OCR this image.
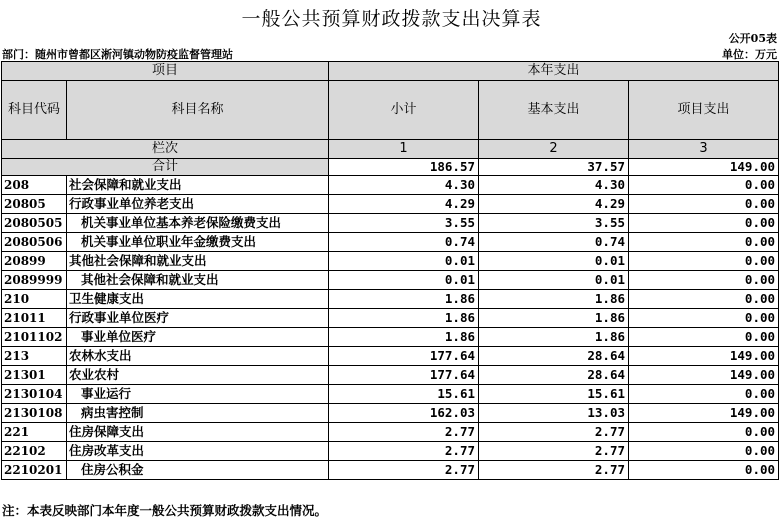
一般公共预算财政拨款支出决算表
公开05表
部门：随州市曾都区淅河镇动物防疫监督管理站	单位：万元
项目		本年支出		
科目代码	科目名称	小计	基本支出	项目支出
栏次		1	2	3
合计		186.57	37.57	149.00
208	社会保障和就业支出	4.30	4.30	0.00
20805	行政事业单位养老支出	4.29	4.29	0.00
2080505	机关事业单位基本养老保险缴费支出	3.55	3.55	0.00
2080506	机关事业单位职业年金缴费支出	0.74	0.74	0.00
20899	其他社会保障和就业支出	0.01	0.01	0.00
2089999	其他社会保障和就业支出	0.01	0.01	0.00
210	卫生健康支出	1.86	1.86	0.00
21011	行政事业单位医疗	1.86	1.86	0.00
2101102	事业单位医疗	1.86	1.86	0.00
213	农林水支出	177.64	28.64	149.00
21301	农业农村	177.64	28.64	149.00
2130104	事业运行	15.61	15.61	0.00
2130108	病虫害控制	162.03	13.03	149.00
221	住房保障支出	2.77	2.77	0.00
22102	住房改革支出	2.77	2.77	0.00
2210201	住房公积金	2.77	2.77	0.00
注：本表反映部门本年度一般公共预算财政拨款支出情况。
